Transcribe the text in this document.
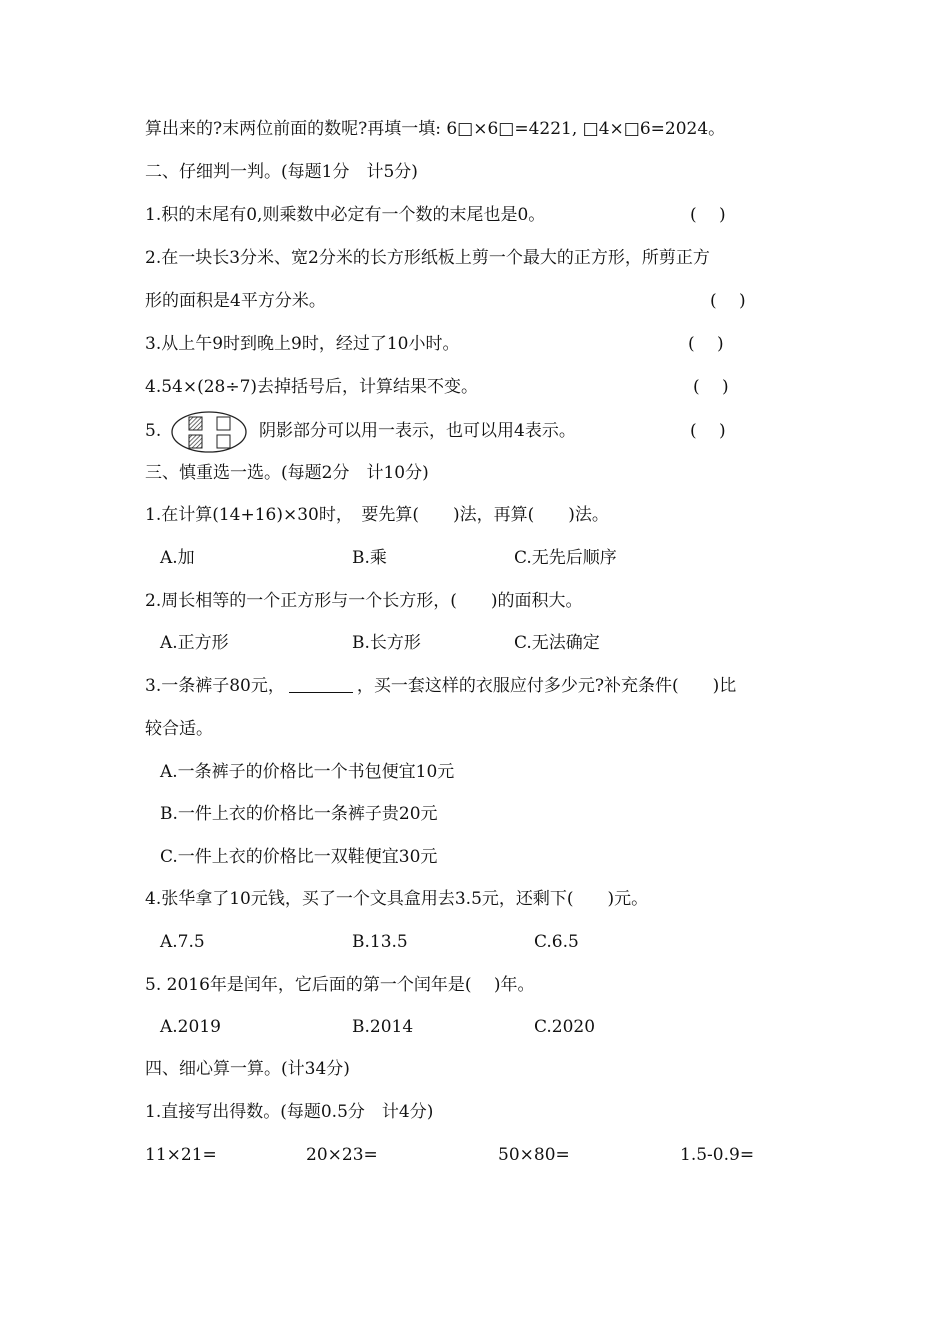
算出来的?末两位前面的数呢?再填一填: 6□×6□=4221, □4×□6=2024。
二、仔细判一判。(每题1分　计5分)
1.积的末尾有0,则乘数中必定有一个数的末尾也是0。	(　 )
2.在一块长3分米、宽2分米的长方形纸板上剪一个最大的正方形，所剪正方
形的面积是4平方分米。	(　 )
3.从上午9时到晚上9时，经过了10小时。	(　 )
4.54×(28÷7)去掉括号后，计算结果不变。	(　 )
5.	阴影部分可以用一表示，也可以用4表示。	(　 )
三、慎重选一选。(每题2分　计10分)
1.在计算(14+16)×30时，　要先算(　　)法，再算(　　)法。
A.加	B.乘	C.无先后顺序
2.周长相等的一个正方形与一个长方形，(　　)的面积大。
A.正方形	B.长方形	C.无法确定
3.一条裤子80元，	，买一套这样的衣服应付多少元?补充条件(　　)比
较合适。
A.一条裤子的价格比一个书包便宜10元
B.一件上衣的价格比一条裤子贵20元
C.一件上衣的价格比一双鞋便宜30元
4.张华拿了10元钱，买了一个文具盒用去3.5元，还剩下(　　)元。
A.7.5	B.13.5	C.6.5
5. 2016年是闰年，它后面的第一个闰年是(　 )年。
A.2019	B.2014	C.2020
四、细心算一算。(计34分)
1.直接写出得数。(每题0.5分　计4分)
11×21=	20×23=	50×80=	1.5-0.9=
